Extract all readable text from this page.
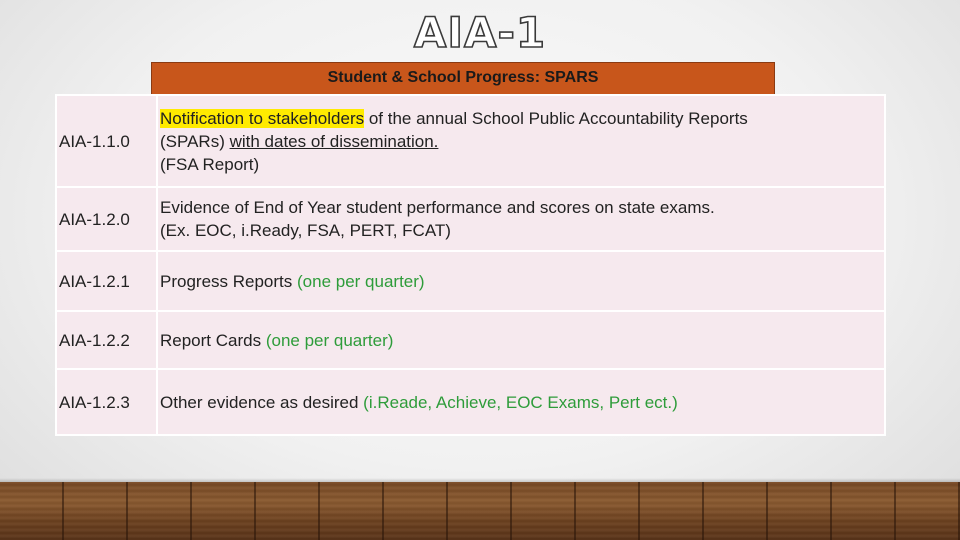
AIA-1
Student & School Progress: SPARS
AIA-1.1.0	Notification to stakeholders of the annual School Public Accountability Reports
(SPARs) with dates of dissemination.
(FSA Report)
AIA-1.2.0	Evidence of End of Year student performance and scores on state exams.
(Ex. EOC, i.Ready, FSA, PERT, FCAT)
AIA-1.2.1	Progress Reports (one per quarter)
AIA-1.2.2	Report Cards (one per quarter)
AIA-1.2.3	Other evidence as desired (i.Reade, Achieve, EOC Exams, Pert ect.)
